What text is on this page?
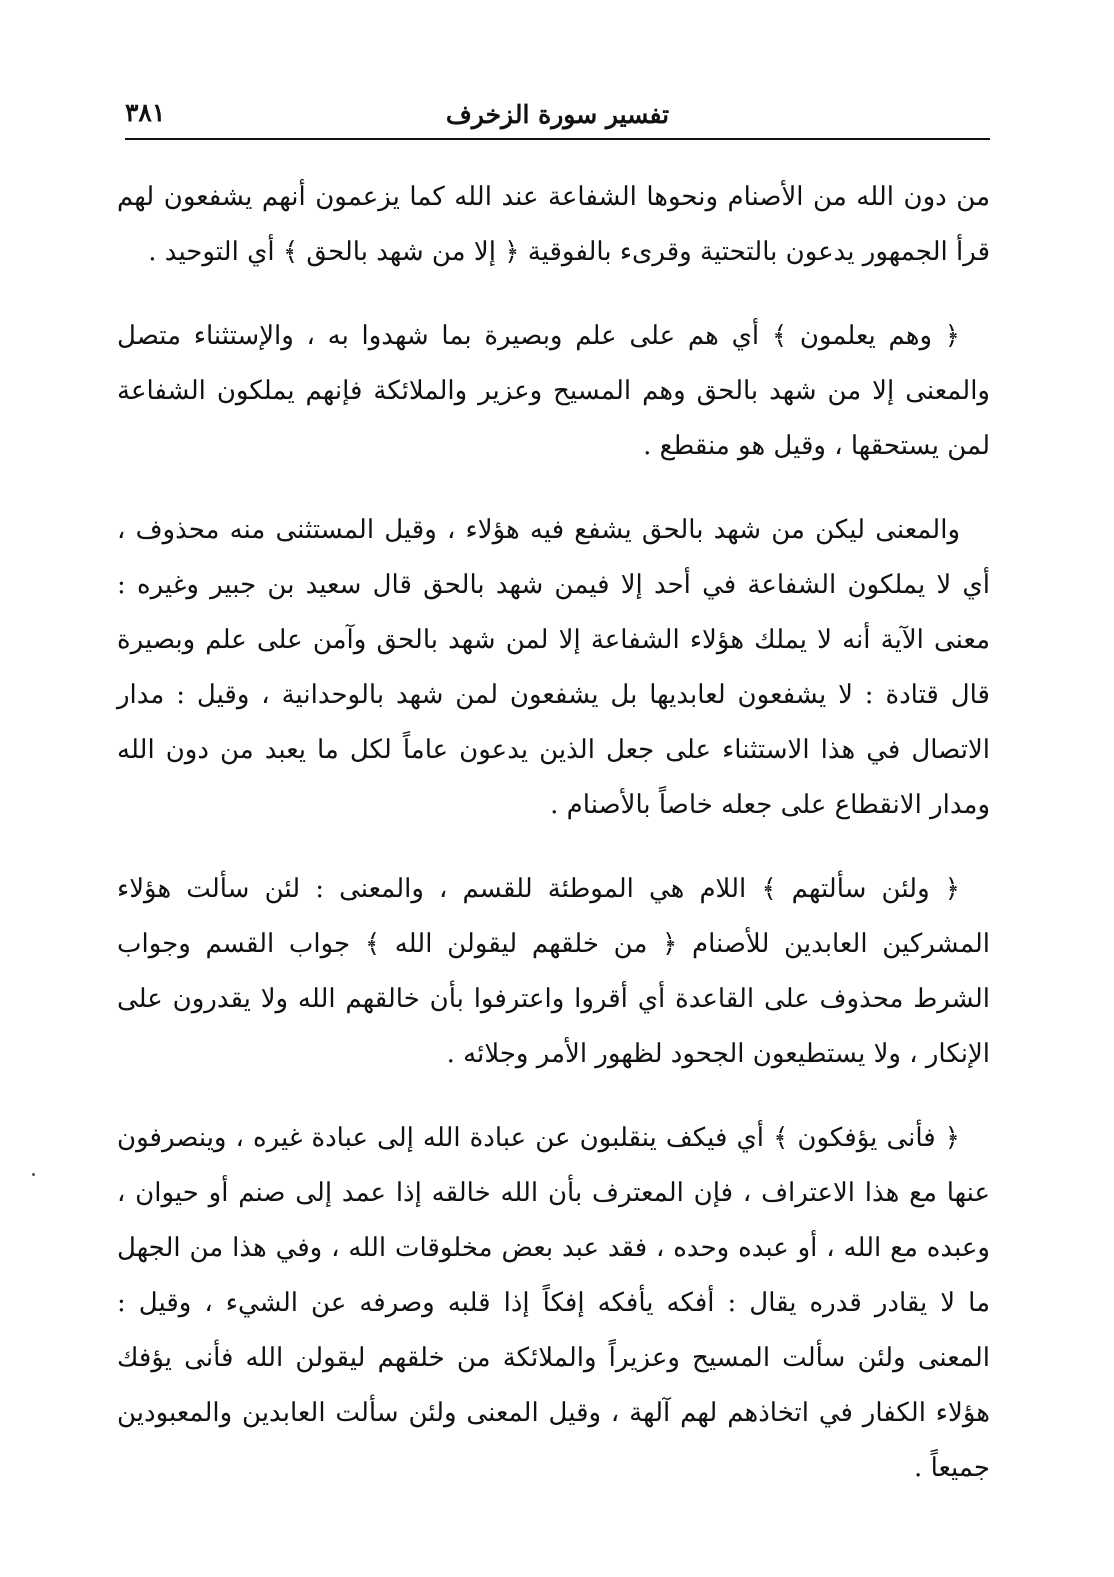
تفسير سورة الزخرف
٣٨١

من دون الله من الأصنام ونحوها الشفاعة عند الله كما يزعمون أنهم يشفعون لهم قرأ الجمهور يدعون بالتحتية وقرىء بالفوقية ﴿ إلا من شهد بالحق ﴾ أي التوحيد .

﴿ وهم يعلمون ﴾ أي هم على علم وبصيرة بما شهدوا به ، والإستثناء متصل والمعنى إلا من شهد بالحق وهم المسيح وعزير والملائكة فإنهم يملكون الشفاعة لمن يستحقها ، وقيل هو منقطع .

والمعنى ليكن من شهد بالحق يشفع فيه هؤلاء ، وقيل المستثنى منه محذوف ، أي لا يملكون الشفاعة في أحد إلا فيمن شهد بالحق قال سعيد بن جبير وغيره : معنى الآية أنه لا يملك هؤلاء الشفاعة إلا لمن شهد بالحق وآمن على علم وبصيرة قال قتادة : لا يشفعون لعابديها بل يشفعون لمن شهد بالوحدانية ، وقيل : مدار الاتصال في هذا الاستثناء على جعل الذين يدعون عاماً لكل ما يعبد من دون الله ومدار الانقطاع على جعله خاصاً بالأصنام .

﴿ ولئن سألتهم ﴾ اللام هي الموطئة للقسم ، والمعنى : لئن سألت هؤلاء المشركين العابدين للأصنام ﴿ من خلقهم ليقولن الله ﴾ جواب القسم وجواب الشرط محذوف على القاعدة أي أقروا واعترفوا بأن خالقهم الله ولا يقدرون على الإنكار ، ولا يستطيعون الجحود لظهور الأمر وجلائه .

﴿ فأنى يؤفكون ﴾ أي فيكف ينقلبون عن عبادة الله إلى عبادة غيره ، وينصرفون عنها مع هذا الاعتراف ، فإن المعترف بأن الله خالقه إذا عمد إلى صنم أو حيوان ، وعبده مع الله ، أو عبده وحده ، فقد عبد بعض مخلوقات الله ، وفي هذا من الجهل ما لا يقادر قدره يقال : أفكه يأفكه إفكاً إذا قلبه وصرفه عن الشيء ، وقيل : المعنى ولئن سألت المسيح وعزيراً والملائكة من خلقهم ليقولن الله فأنى يؤفك هؤلاء الكفار في اتخاذهم لهم آلهة ، وقيل المعنى ولئن سألت العابدين والمعبودين جميعاً .
